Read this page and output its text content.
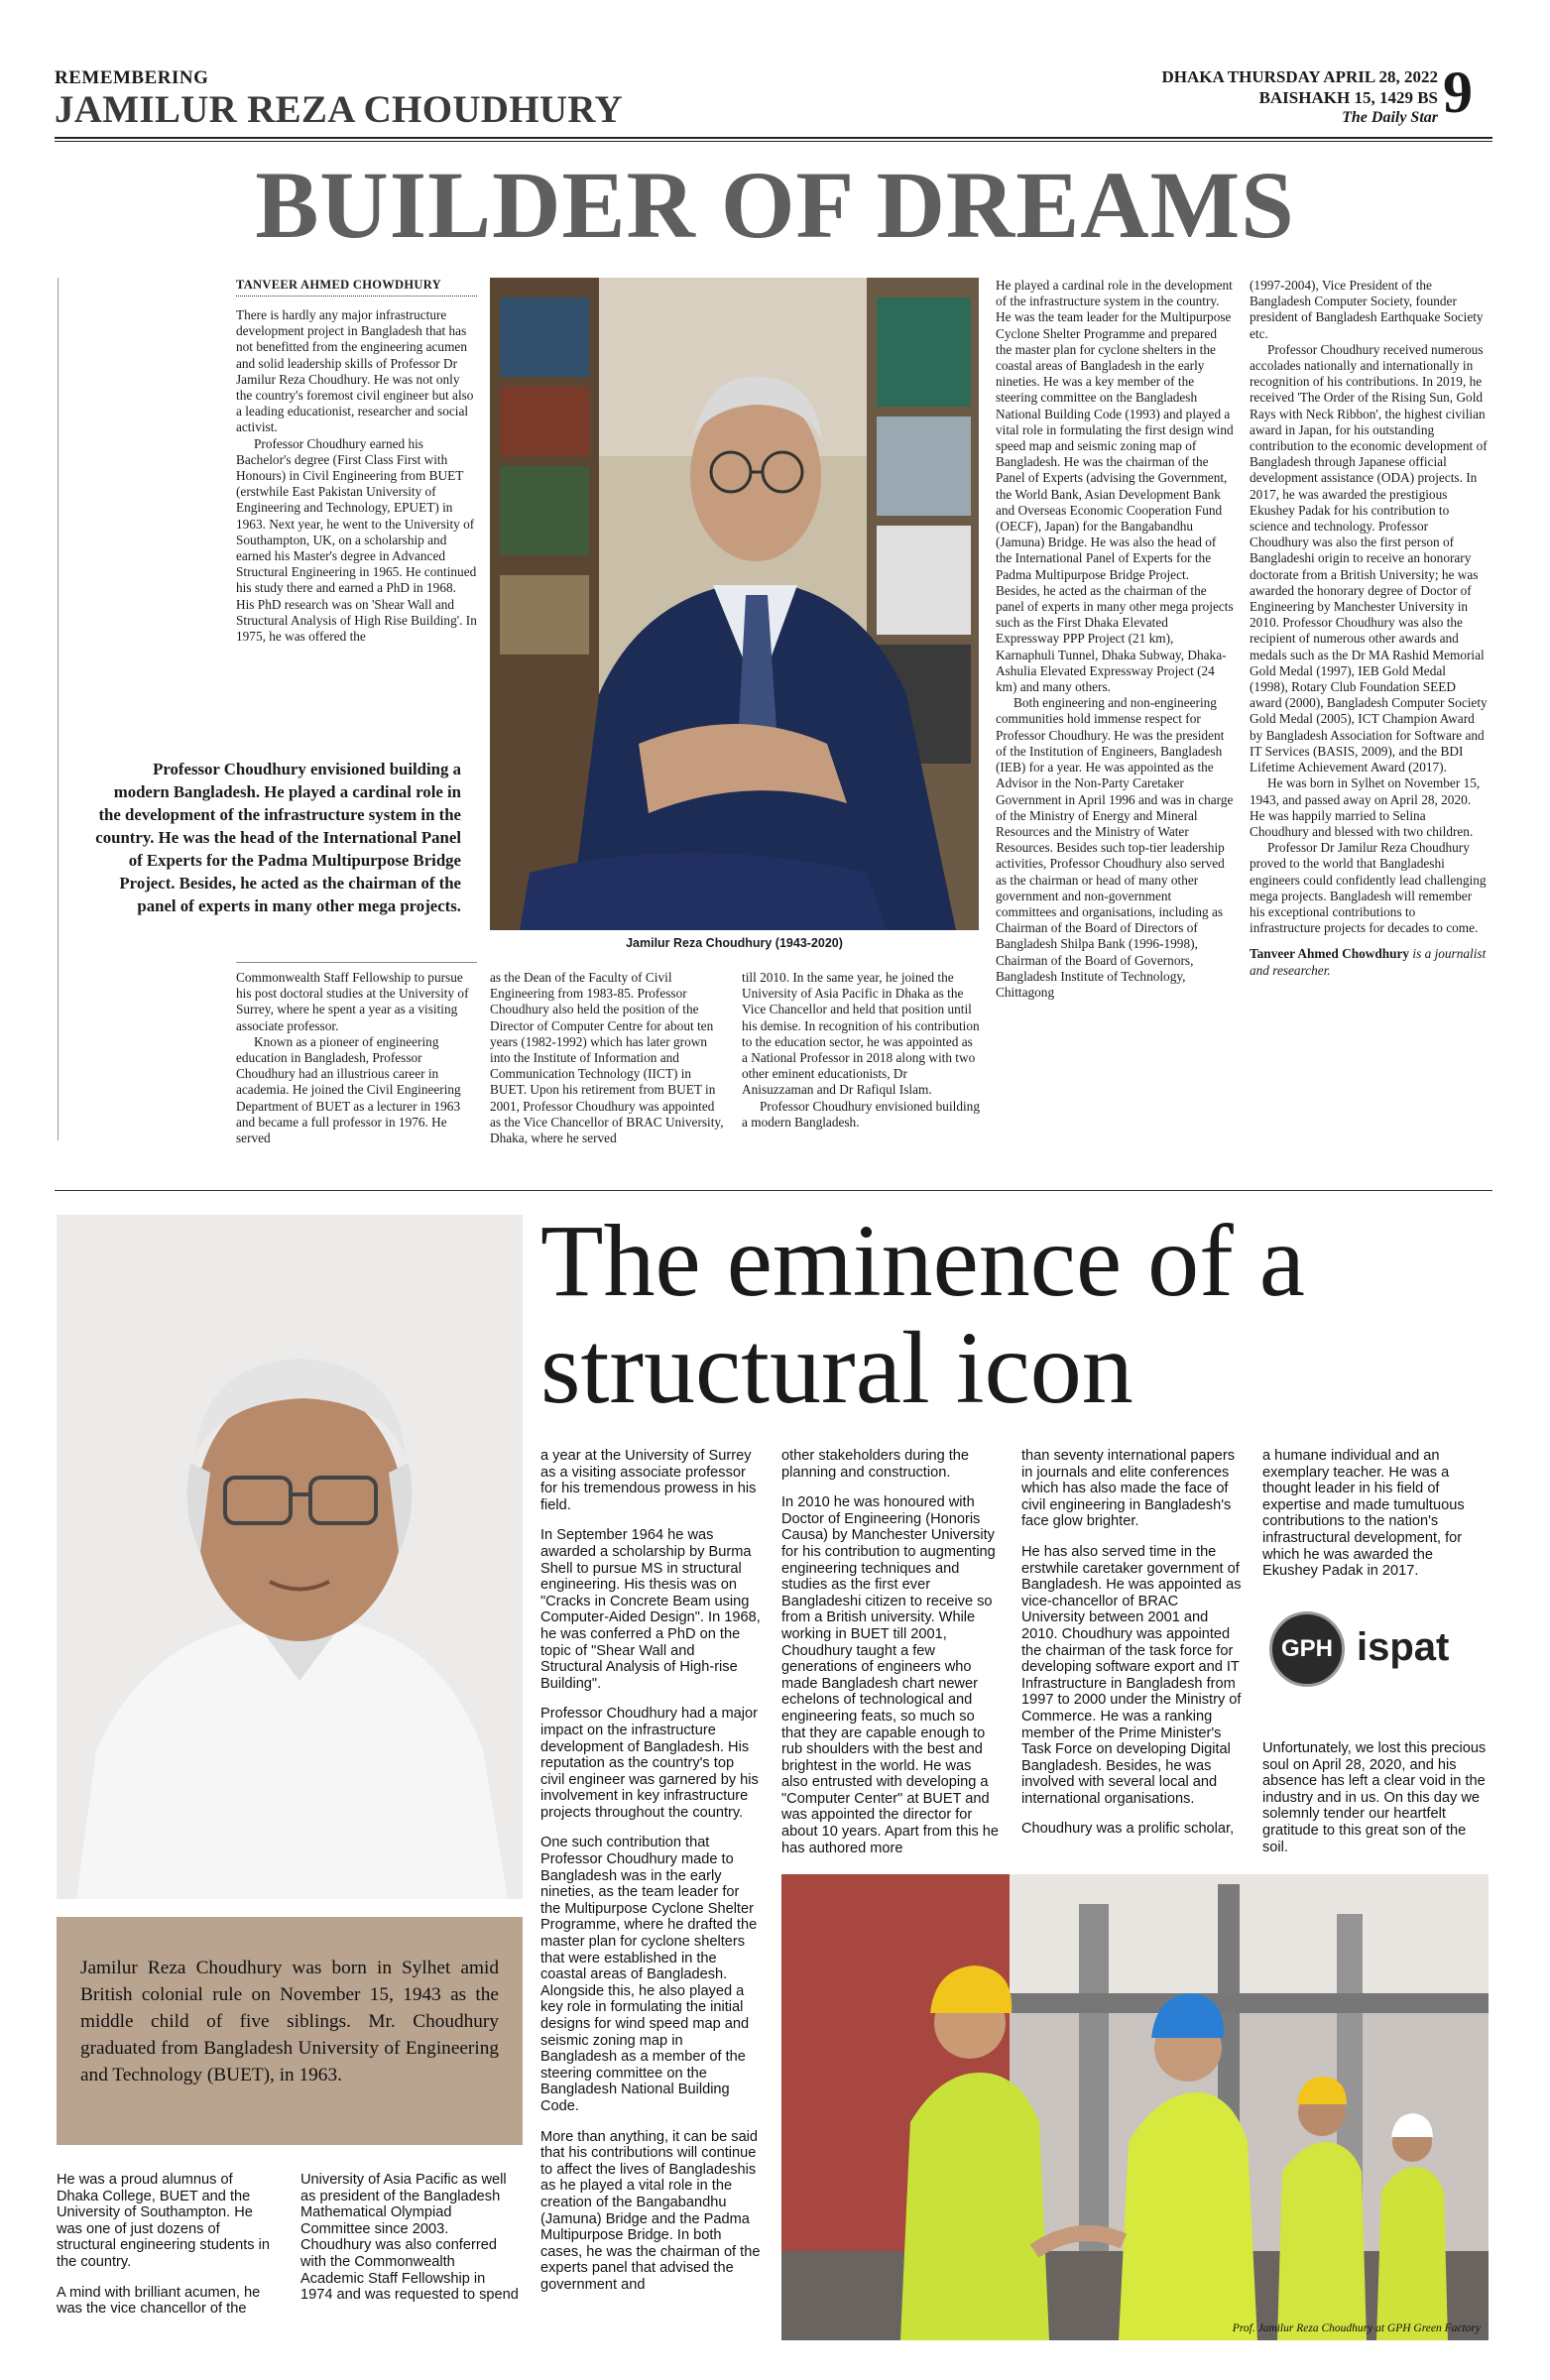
REMEMBERING
JAMILUR REZA CHOUDHURY
DHAKA THURSDAY APRIL 28, 2022
BAISHAKH 15, 1429 BS
The Daily Star 9
BUILDER OF DREAMS
TANVEER AHMED CHOWDHURY

There is hardly any major infrastructure development project in Bangladesh that has not benefitted from the engineering acumen and solid leadership skills of Professor Dr Jamilur Reza Choudhury. He was not only the country's foremost civil engineer but also a leading educationist, researcher and social activist.

Professor Choudhury earned his Bachelor's degree (First Class First with Honours) in Civil Engineering from BUET (erstwhile East Pakistan University of Engineering and Technology, EPUET) in 1963. Next year, he went to the University of Southampton, UK, on a scholarship and earned his Master's degree in Advanced Structural Engineering in 1965. He continued his study there and earned a PhD in 1968. His PhD research was on 'Shear Wall and Structural Analysis of High Rise Building'. In 1975, he was offered the

Jamilur Reza Choudhury (1943-2020)
Professor Choudhury envisioned building a modern Bangladesh. He played a cardinal role in the development of the infrastructure system in the country. He was the head of the International Panel of Experts for the Padma Multipurpose Bridge Project. Besides, he acted as the chairman of the panel of experts in many other mega projects.

Commonwealth Staff Fellowship to pursue his post doctoral studies at the University of Surrey, where he spent a year as a visiting associate professor.

Known as a pioneer of engineering education in Bangladesh, Professor Choudhury had an illustrious career in academia. He joined the Civil Engineering Department of BUET as a lecturer in 1963 and became a full professor in 1976. He served

as the Dean of the Faculty of Civil Engineering from 1983-85. Professor Choudhury also held the position of the Director of Computer Centre for about ten years (1982-1992) which has later grown into the Institute of Information and Communication Technology (IICT) in BUET. Upon his retirement from BUET in 2001, Professor Choudhury was appointed as the Vice Chancellor of BRAC University, Dhaka, where he served

till 2010. In the same year, he joined the University of Asia Pacific in Dhaka as the Vice Chancellor and held that position until his demise. In recognition of his contribution to the education sector, he was appointed as a National Professor in 2018 along with two other eminent educationists, Dr Anisuzzaman and Dr Rafiqul Islam.

Professor Choudhury envisioned building a modern Bangladesh.

He played a cardinal role in the development of the infrastructure system in the country. He was the team leader for the Multipurpose Cyclone Shelter Programme and prepared the master plan for cyclone shelters in the coastal areas of Bangladesh in the early nineties. He was a key member of the steering committee on the Bangladesh National Building Code (1993) and played a vital role in formulating the first design wind speed map and seismic zoning map of Bangladesh. He was the chairman of the Panel of Experts (advising the Government, the World Bank, Asian Development Bank and Overseas Economic Cooperation Fund (OECF), Japan) for the Bangabandhu (Jamuna) Bridge. He was also the head of the International Panel of Experts for the Padma Multipurpose Bridge Project. Besides, he acted as the chairman of the panel of experts in many other mega projects such as the First Dhaka Elevated Expressway PPP Project (21 km), Karnaphuli Tunnel, Dhaka Subway, Dhaka-Ashulia Elevated Expressway Project (24 km) and many others.

Both engineering and non-engineering communities hold immense respect for Professor Choudhury. He was the president of the Institution of Engineers, Bangladesh (IEB) for a year. He was appointed as the Advisor in the Non-Party Caretaker Government in April 1996 and was in charge of the Ministry of Energy and Mineral Resources and the Ministry of Water Resources. Besides such top-tier leadership activities, Professor Choudhury also served as the chairman or head of many other government and non-government committees and organisations, including as Chairman of the Board of Directors of Bangladesh Shilpa Bank (1996-1998), Chairman of the Board of Governors, Bangladesh Institute of Technology, Chittagong

(1997-2004), Vice President of the Bangladesh Computer Society, founder president of Bangladesh Earthquake Society etc.

Professor Choudhury received numerous accolades nationally and internationally in recognition of his contributions. In 2019, he received 'The Order of the Rising Sun, Gold Rays with Neck Ribbon', the highest civilian award in Japan, for his outstanding contribution to the economic development of Bangladesh through Japanese official development assistance (ODA) projects. In 2017, he was awarded the prestigious Ekushey Padak for his contribution to science and technology. Professor Choudhury was also the first person of Bangladeshi origin to receive an honorary doctorate from a British University; he was awarded the honorary degree of Doctor of Engineering by Manchester University in 2010. Professor Choudhury was also the recipient of numerous other awards and medals such as the Dr MA Rashid Memorial Gold Medal (1997), IEB Gold Medal (1998), Rotary Club Foundation SEED award (2000), Bangladesh Computer Society Gold Medal (2005), ICT Champion Award by Bangladesh Association for Software and IT Services (BASIS, 2009), and the BDI Lifetime Achievement Award (2017).

He was born in Sylhet on November 15, 1943, and passed away on April 28, 2020. He was happily married to Selina Choudhury and blessed with two children.

Professor Dr Jamilur Reza Choudhury proved to the world that Bangladeshi engineers could confidently lead challenging mega projects. Bangladesh will remember his exceptional contributions to infrastructure projects for decades to come.

Tanveer Ahmed Chowdhury is a journalist and researcher.

The eminence of a
structural icon
Jamilur Reza Choudhury was born in Sylhet amid British colonial rule on November 15, 1943 as the middle child of five siblings. Mr. Choudhury graduated from Bangladesh University of Engineering and Technology (BUET), in 1963.

He was a proud alumnus of Dhaka College, BUET and the University of Southampton. He was one of just dozens of structural engineering students in the country.

A mind with brilliant acumen, he was the vice chancellor of the

University of Asia Pacific as well as president of the Bangladesh Mathematical Olympiad Committee since 2003. Choudhury was also conferred with the Commonwealth Academic Staff Fellowship in 1974 and was requested to spend

a year at the University of Surrey as a visiting associate professor for his tremendous prowess in his field.

In September 1964 he was awarded a scholarship by Burma Shell to pursue MS in structural engineering. His thesis was on "Cracks in Concrete Beam using Computer-Aided Design". In 1968, he was conferred a PhD on the topic of "Shear Wall and Structural Analysis of High-rise Building".

Professor Choudhury had a major impact on the infrastructure development of Bangladesh. His reputation as the country's top civil engineer was garnered by his involvement in key infrastructure projects throughout the country.

One such contribution that Professor Choudhury made to Bangladesh was in the early nineties, as the team leader for the Multipurpose Cyclone Shelter Programme, where he drafted the master plan for cyclone shelters that were established in the coastal areas of Bangladesh. Alongside this, he also played a key role in formulating the initial designs for wind speed map and seismic zoning map in Bangladesh as a member of the steering committee on the Bangladesh National Building Code.

More than anything, it can be said that his contributions will continue to affect the lives of Bangladeshis as he played a vital role in the creation of the Bangabandhu (Jamuna) Bridge and the Padma Multipurpose Bridge. In both cases, he was the chairman of the experts panel that advised the government and

other stakeholders during the planning and construction.

In 2010 he was honoured with Doctor of Engineering (Honoris Causa) by Manchester University for his contribution to augmenting engineering techniques and studies as the first ever Bangladeshi citizen to receive so from a British university. While working in BUET till 2001, Choudhury taught a few generations of engineers who made Bangladesh chart newer echelons of technological and engineering feats, so much so that they are capable enough to rub shoulders with the best and brightest in the world. He was also entrusted with developing a "Computer Center" at BUET and was appointed the director for about 10 years. Apart from this he has authored more

than seventy international papers in journals and elite conferences which has also made the face of civil engineering in Bangladesh's face glow brighter.

He has also served time in the erstwhile caretaker government of Bangladesh. He was appointed as vice-chancellor of BRAC University between 2001 and 2010. Choudhury was appointed the chairman of the task force for developing software export and IT Infrastructure in Bangladesh from 1997 to 2000 under the Ministry of Commerce. He was a ranking member of the Prime Minister's Task Force on developing Digital Bangladesh. Besides, he was involved with several local and international organisations.

Choudhury was a prolific scholar,

a humane individual and an exemplary teacher. He was a thought leader in his field of expertise and made tumultuous contributions to the nation's infrastructural development, for which he was awarded the Ekushey Padak in 2017.

GPH ispat

Unfortunately, we lost this precious soul on April 28, 2020, and his absence has left a clear void in the industry and in us. On this day we solemnly tender our heartfelt gratitude to this great son of the soil.

Prof. Jamilur Reza Choudhury at GPH Green Factory
